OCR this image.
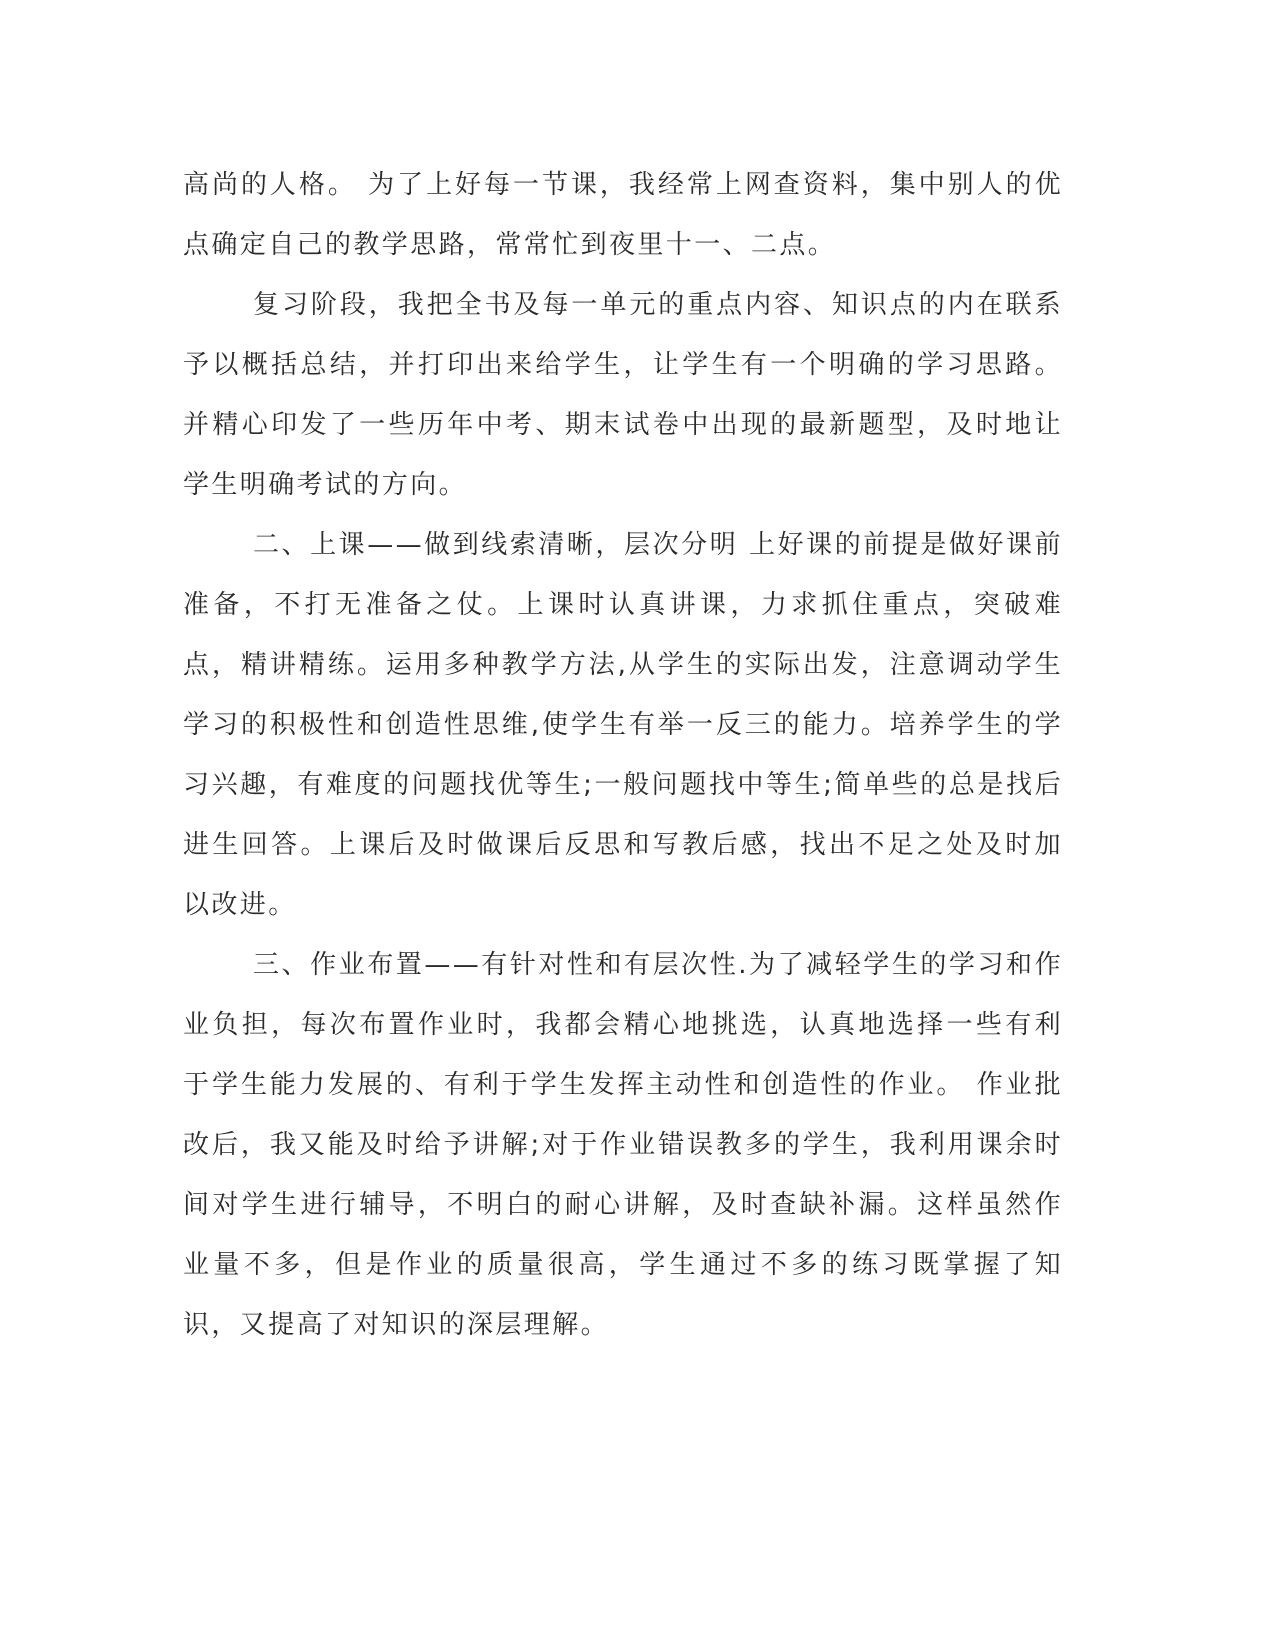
高尚的人格。 为了上好每一节课，我经常上网查资料，集中别人的优点确定自己的教学思路，常常忙到夜里十一、二点。

复习阶段，我把全书及每一单元的重点内容、知识点的内在联系予以概括总结，并打印出来给学生，让学生有一个明确的学习思路。并精心印发了一些历年中考、期末试卷中出现的最新题型，及时地让学生明确考试的方向。

二、上课——做到线索清晰，层次分明 上好课的前提是做好课前准备，不打无准备之仗。上课时认真讲课，力求抓住重点，突破难点，精讲精练。运用多种教学方法,从学生的实际出发，注意调动学生学习的积极性和创造性思维,使学生有举一反三的能力。培养学生的学习兴趣，有难度的问题找优等生;一般问题找中等生;简单些的总是找后进生回答。上课后及时做课后反思和写教后感，找出不足之处及时加以改进。

三、作业布置——有针对性和有层次性.为了减轻学生的学习和作业负担，每次布置作业时，我都会精心地挑选，认真地选择一些有利于学生能力发展的、有利于学生发挥主动性和创造性的作业。 作业批改后，我又能及时给予讲解;对于作业错误教多的学生，我利用课余时间对学生进行辅导，不明白的耐心讲解，及时查缺补漏。这样虽然作业量不多，但是作业的质量很高，学生通过不多的练习既掌握了知识，又提高了对知识的深层理解。
